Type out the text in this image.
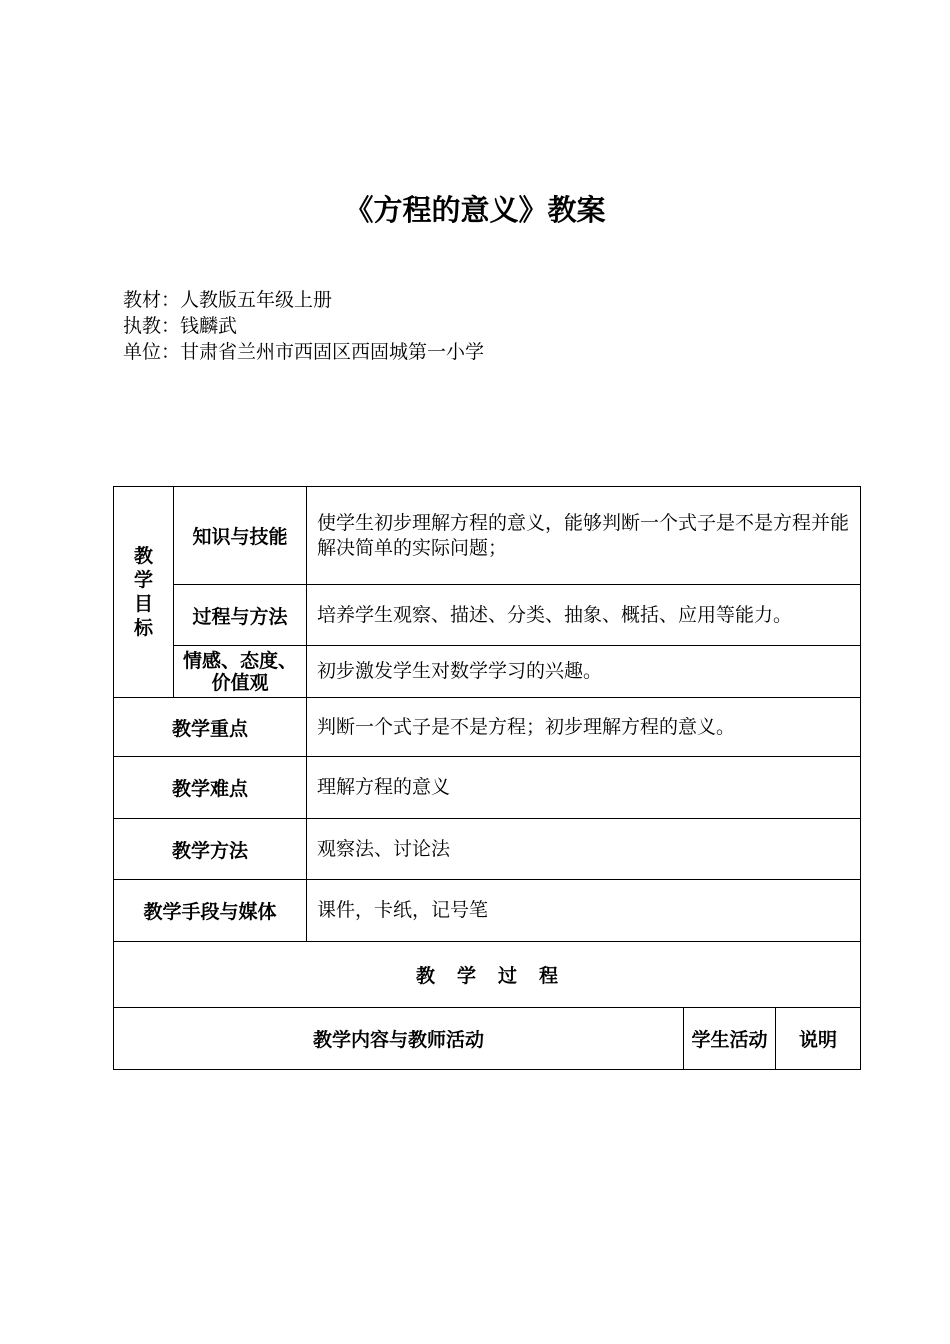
《方程的意义》教案
教材：人教版五年级上册
执教：钱麟武
单位：甘肃省兰州市西固区西固城第一小学
教学目标	知识与技能	使学生初步理解方程的意义，能够判断一个式子是不是方程并能解决简单的实际问题；		
	过程与方法	培养学生观察、描述、分类、抽象、概括、应用等能力。		
	情感、态度、价值观	初步激发学生对数学学习的兴趣。		
教学重点		判断一个式子是不是方程；初步理解方程的意义。		
教学难点		理解方程的意义		
教学方法		观察法、讨论法		
教学手段与媒体		课件，卡纸，记号笔		
教学过程				
教学内容与教师活动			学生活动	说明
